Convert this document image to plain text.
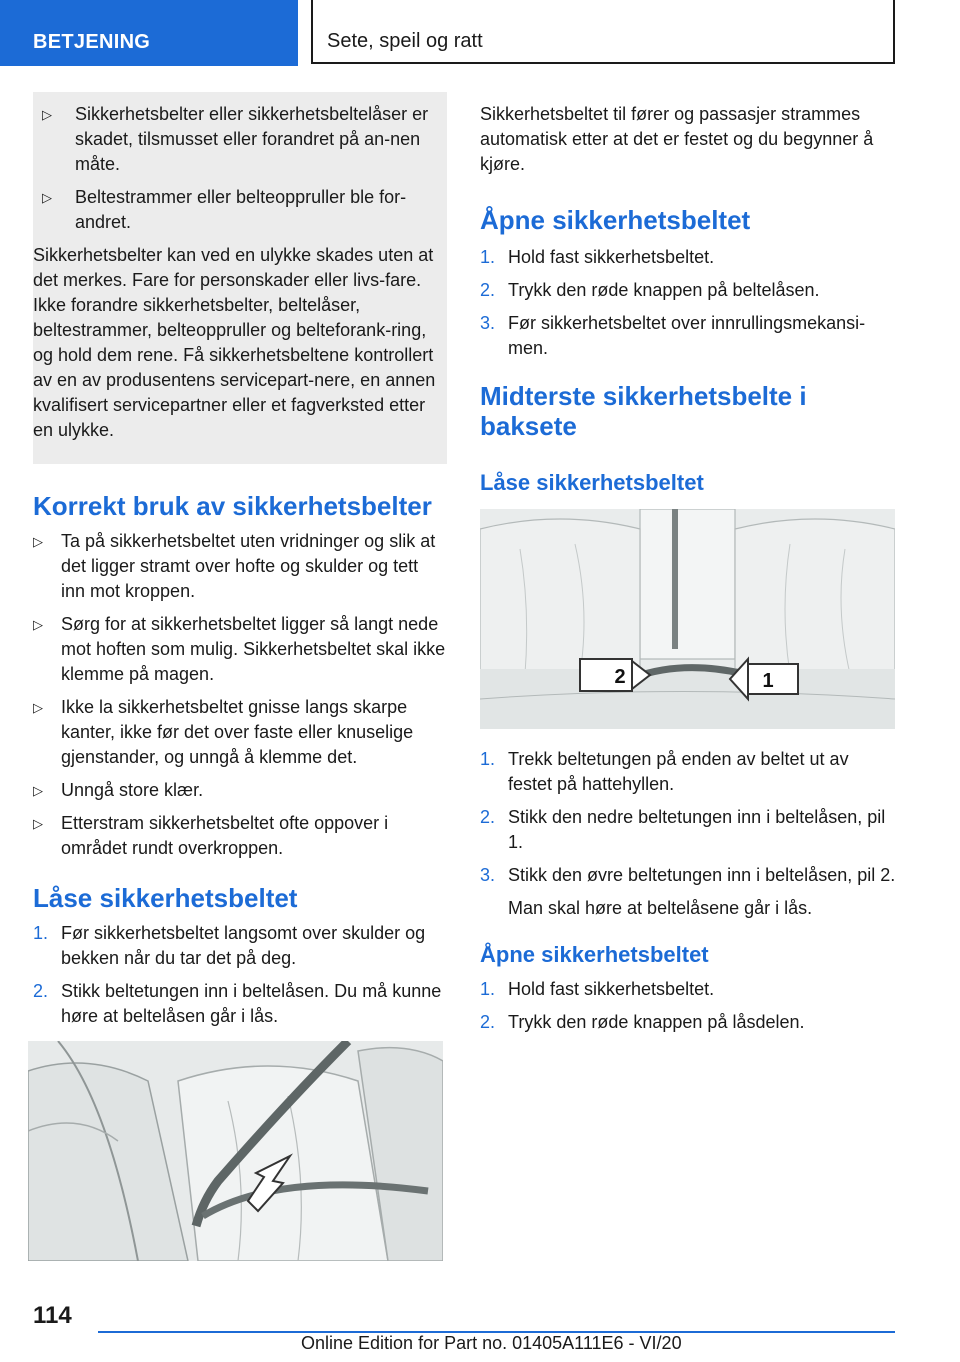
BETJENING	Sete, speil og ratt
▷ Sikkerhetsbelter eller sikkerhetsbeltelåser er skadet, tilsmusset eller forandret på an-nen måte.
▷ Beltestrammer eller belteoppruller ble for-andret.
Sikkerhetsbelter kan ved en ulykke skades uten at det merkes. Fare for personskader eller livs-fare. Ikke forandre sikkerhetsbelter, beltelåser, beltestrammer, belteoppruller og belteforank-ring, og hold dem rene. Få sikkerhetsbeltene kontrollert av en av produsentens servicepart-nere, en annen kvalifisert servicepartner eller et fagverksted etter en ulykke.
Korrekt bruk av sikkerhetsbelter
▷ Ta på sikkerhetsbeltet uten vridninger og slik at det ligger stramt over hofte og skulder og tett inn mot kroppen.
▷ Sørg for at sikkerhetsbeltet ligger så langt nede mot hoften som mulig. Sikkerhetsbeltet skal ikke klemme på magen.
▷ Ikke la sikkerhetsbeltet gnisse langs skarpe kanter, ikke før det over faste eller knuselige gjenstander, og unngå å klemme det.
▷ Unngå store klær.
▷ Etterstram sikkerhetsbeltet ofte oppover i området rundt overkroppen.
Låse sikkerhetsbeltet
1. Før sikkerhetsbeltet langsomt over skulder og bekken når du tar det på deg.
2. Stikk beltetungen inn i beltelåsen. Du må kunne høre at beltelåsen går i lås.
Sikkerhetsbeltet til fører og passasjer strammes automatisk etter at det er festet og du begynner å kjøre.
Åpne sikkerhetsbeltet
1. Hold fast sikkerhetsbeltet.
2. Trykk den røde knappen på beltelåsen.
3. Før sikkerhetsbeltet over innrullingsmekansi-men.
Midterste sikkerhetsbelte i baksete
Låse sikkerhetsbeltet
1. Trekk beltetungen på enden av beltet ut av festet på hattehyllen.
2. Stikk den nedre beltetungen inn i beltelåsen, pil 1.
3. Stikk den øvre beltetungen inn i beltelåsen, pil 2.
Man skal høre at beltelåsene går i lås.
Åpne sikkerhetsbeltet
1. Hold fast sikkerhetsbeltet.
2. Trykk den røde knappen på låsdelen.
2	1
114
Online Edition for Part no. 01405A111E6 - VI/20
